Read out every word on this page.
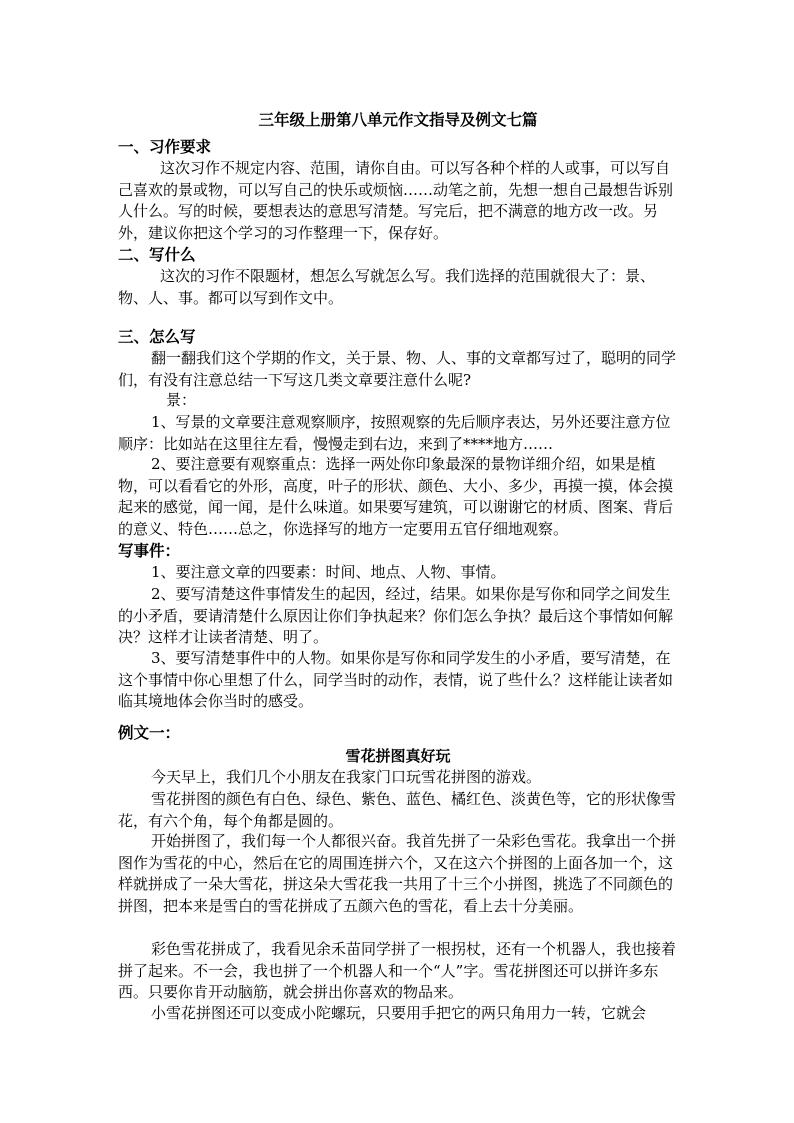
三年级上册第八单元作文指导及例文七篇

一、习作要求

这次习作不规定内容、范围，请你自由。可以写各种个样的人或事，可以写自己喜欢的景或物，可以写自己的快乐或烦恼……动笔之前，先想一想自己最想告诉别人什么。写的时候，要想表达的意思写清楚。写完后，把不满意的地方改一改。另外，建议你把这个学习的习作整理一下，保存好。

二、写什么

这次的习作不限题材，想怎么写就怎么写。我们选择的范围就很大了：景、物、人、事。都可以写到作文中。

三、怎么写

翻一翻我们这个学期的作文，关于景、物、人、事的文章都写过了，聪明的同学们，有没有注意总结一下写这几类文章要注意什么呢?

景：

1、写景的文章要注意观察顺序，按照观察的先后顺序表达，另外还要注意方位顺序：比如站在这里往左看，慢慢走到右边，来到了****地方……

2、要注意要有观察重点：选择一两处你印象最深的景物详细介绍，如果是植物，可以看看它的外形，高度，叶子的形状、颜色、大小、多少，再摸一摸，体会摸起来的感觉，闻一闻，是什么味道。如果要写建筑，可以谢谢它的材质、图案、背后的意义、特色……总之，你选择写的地方一定要用五官仔细地观察。

写事件：

1、要注意文章的四要素：时间、地点、人物、事情。

2、要写清楚这件事情发生的起因，经过，结果。如果你是写你和同学之间发生的小矛盾，要请清楚什么原因让你们争执起来？你们怎么争执？最后这个事情如何解决？这样才让读者清楚、明了。

3、要写清楚事件中的人物。如果你是写你和同学发生的小矛盾，要写清楚，在这个事情中你心里想了什么，同学当时的动作，表情，说了些什么？这样能让读者如临其境地体会你当时的感受。

例文一：

雪花拼图真好玩

今天早上，我们几个小朋友在我家门口玩雪花拼图的游戏。

雪花拼图的颜色有白色、绿色、紫色、蓝色、橘红色、淡黄色等，它的形状像雪花，有六个角，每个角都是圆的。

开始拼图了，我们每一个人都很兴奋。我首先拼了一朵彩色雪花。我拿出一个拼图作为雪花的中心，然后在它的周围连拼六个，又在这六个拼图的上面各加一个，这样就拼成了一朵大雪花，拼这朵大雪花我一共用了十三个小拼图，挑选了不同颜色的拼图，把本来是雪白的雪花拼成了五颜六色的雪花，看上去十分美丽。

彩色雪花拼成了，我看见余禾苗同学拼了一根拐杖，还有一个机器人，我也接着拼了起来。不一会，我也拼了一个机器人和一个“人”字。雪花拼图还可以拼许多东西。只要你肯开动脑筋，就会拼出你喜欢的物品来。

小雪花拼图还可以变成小陀螺玩，只要用手把它的两只角用力一转，它就会
